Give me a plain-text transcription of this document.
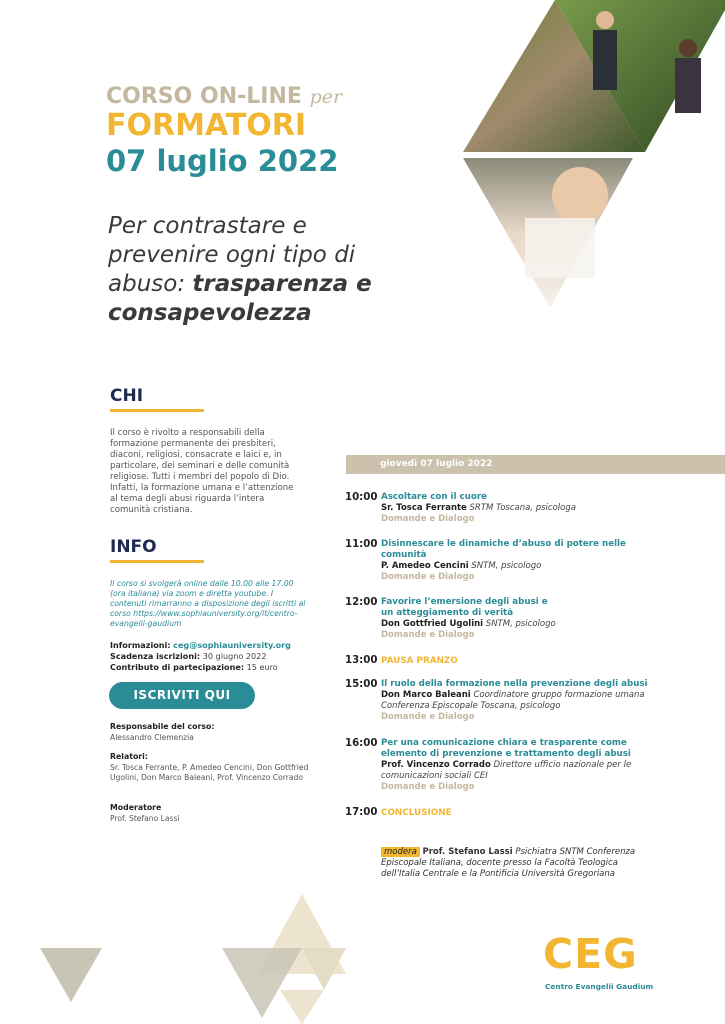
CORSO ON-LINE per
FORMATORI
07 luglio 2022
Per contrastare e prevenire ogni tipo di abuso: trasparenza e consapevolezza
CHI
Il corso è rivolto a responsabili della formazione permanente dei presbiteri, diaconi, religiosi, consacrate e laici e, in particolare, dei seminari e delle comunità religiose. Tutti i membri del popolo di Dio. Infatti, la formazione umana e l’attenzione al tema degli abusi riguarda l’intera comunità cristiana.
INFO
Il corso si svolgerà online dalle 10.00 alle 17.00 (ora italiana) via zoom e diretta youtube. I contenuti rimarranno a disposizione degli iscritti al corso https://www.sophiauniversity.org/it/centro-evangelii-gaudium
Informazioni: ceg@sophiauniversity.org
Scadenza iscrizioni: 30 giugno 2022
Contributo di partecipazione: 15 euro
ISCRIVITI QUI
Responsabile del corso:
Alessandro Clemenzia
Relatori:
Sr. Tosca Ferrante, P. Amedeo Cencini, Don Gottfried Ugolini, Don Marco Baleani, Prof. Vincenzo Corrado
Moderatore
Prof. Stefano Lassi
giovedì 07 luglio 2022
10:00 Ascoltare con il cuore
Sr. Tosca Ferrante SRTM Toscana, psicologa
Domande e Dialogo
11:00 Disinnescare le dinamiche d’abuso di potere nelle comunità
P. Amedeo Cencini SNTM, psicologo
Domande e Dialogo
12:00 Favorire l’emersione degli abusi e un atteggiamento di verità
Don Gottfried Ugolini SNTM, psicologo
Domande e Dialogo
13:00 PAUSA PRANZO
15:00 Il ruolo della formazione nella prevenzione degli abusi
Don Marco Baleani Coordinatore gruppo formazione umana Conferenza Episcopale Toscana, psicologo
Domande e Dialogo
16:00 Per una comunicazione chiara e trasparente come elemento di prevenzione e trattamento degli abusi
Prof. Vincenzo Corrado Direttore ufficio nazionale per le comunicazioni sociali CEI
Domande e Dialogo
17:00 CONCLUSIONE
modera Prof. Stefano Lassi Psichiatra SNTM Conferenza Episcopale Italiana, docente presso la Facoltà Teologica dell’Italia Centrale e la Pontificia Università Gregoriana
CEG
Centro Evangelii Gaudium
